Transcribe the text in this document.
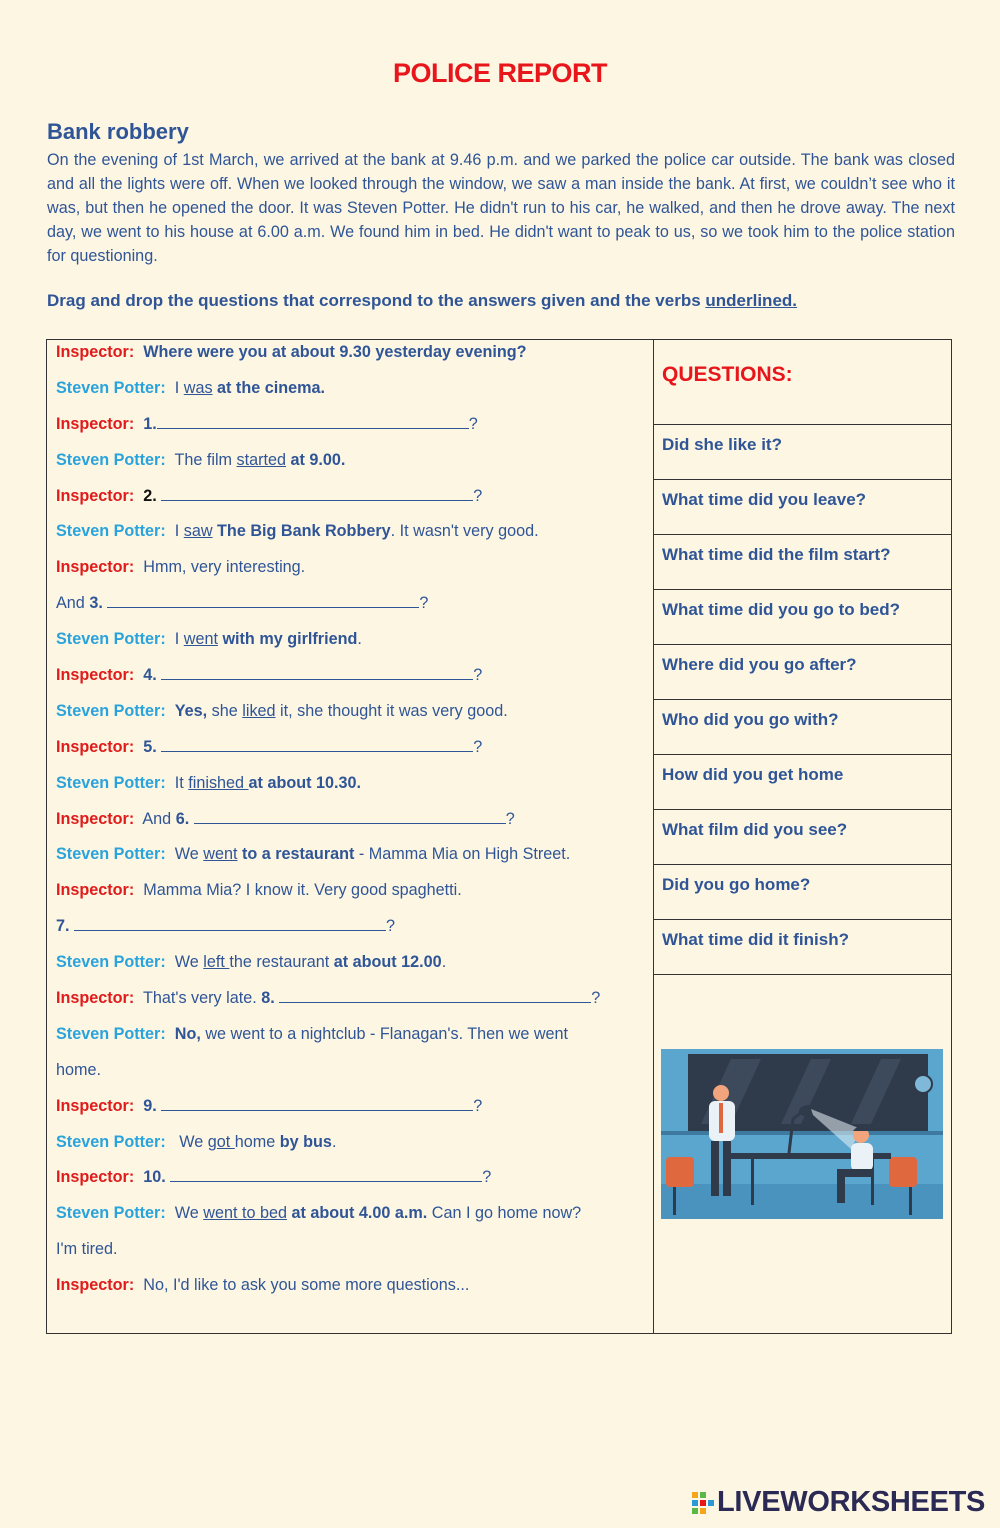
POLICE REPORT
Bank robbery
On the evening of 1st March, we arrived at the bank at 9.46 p.m. and we parked the police car outside. The bank was closed and all the lights were off. When we looked through the window, we saw a man inside the bank. At first, we couldn’t see who it was, but then he opened the door. It was Steven Potter. He didn't run to his car, he walked, and then he drove away. The next day, we went to his house at 6.00 a.m. We found him in bed. He didn't want to peak to us, so we took him to the police station for questioning.
Drag and drop the questions that correspond to the answers given and the verbs underlined.
Inspector: Where were you at about 9.30 yesterday evening?
Steven Potter: I was at the cinema.
Inspector: 1.	?
Steven Potter: The film started at 9.00.
Inspector: 2.	?
Steven Potter: I saw The Big Bank Robbery. It wasn't very good.
Inspector: Hmm, very interesting.
And 3.	?
Steven Potter: I went with my girlfriend.
Inspector: 4.	?
Steven Potter: Yes, she liked it, she thought it was very good.
Inspector: 5.	?
Steven Potter: It finished at about 10.30.
Inspector: And 6.	?
Steven Potter: We went to a restaurant - Mamma Mia on High Street.
Inspector: Mamma Mia? I know it. Very good spaghetti.
7.	?
Steven Potter: We left the restaurant at about 12.00.
Inspector: That's very late. 8.	?
Steven Potter: No, we went to a nightclub - Flanagan's. Then we went
home.
Inspector: 9.	?
Steven Potter: We got home by bus.
Inspector: 10.	?
Steven Potter: We went to bed at about 4.00 a.m. Can I go home now?
I'm tired.
Inspector: No, I'd like to ask you some more questions...
QUESTIONS:
Did she like it?
What time did you leave?
What time did the film start?
What time did you go to bed?
Where did you go after?
Who did you go with?
How did you get home
What film did you see?
Did you go home?
What time did it finish?
LIVEWORKSHEETS
